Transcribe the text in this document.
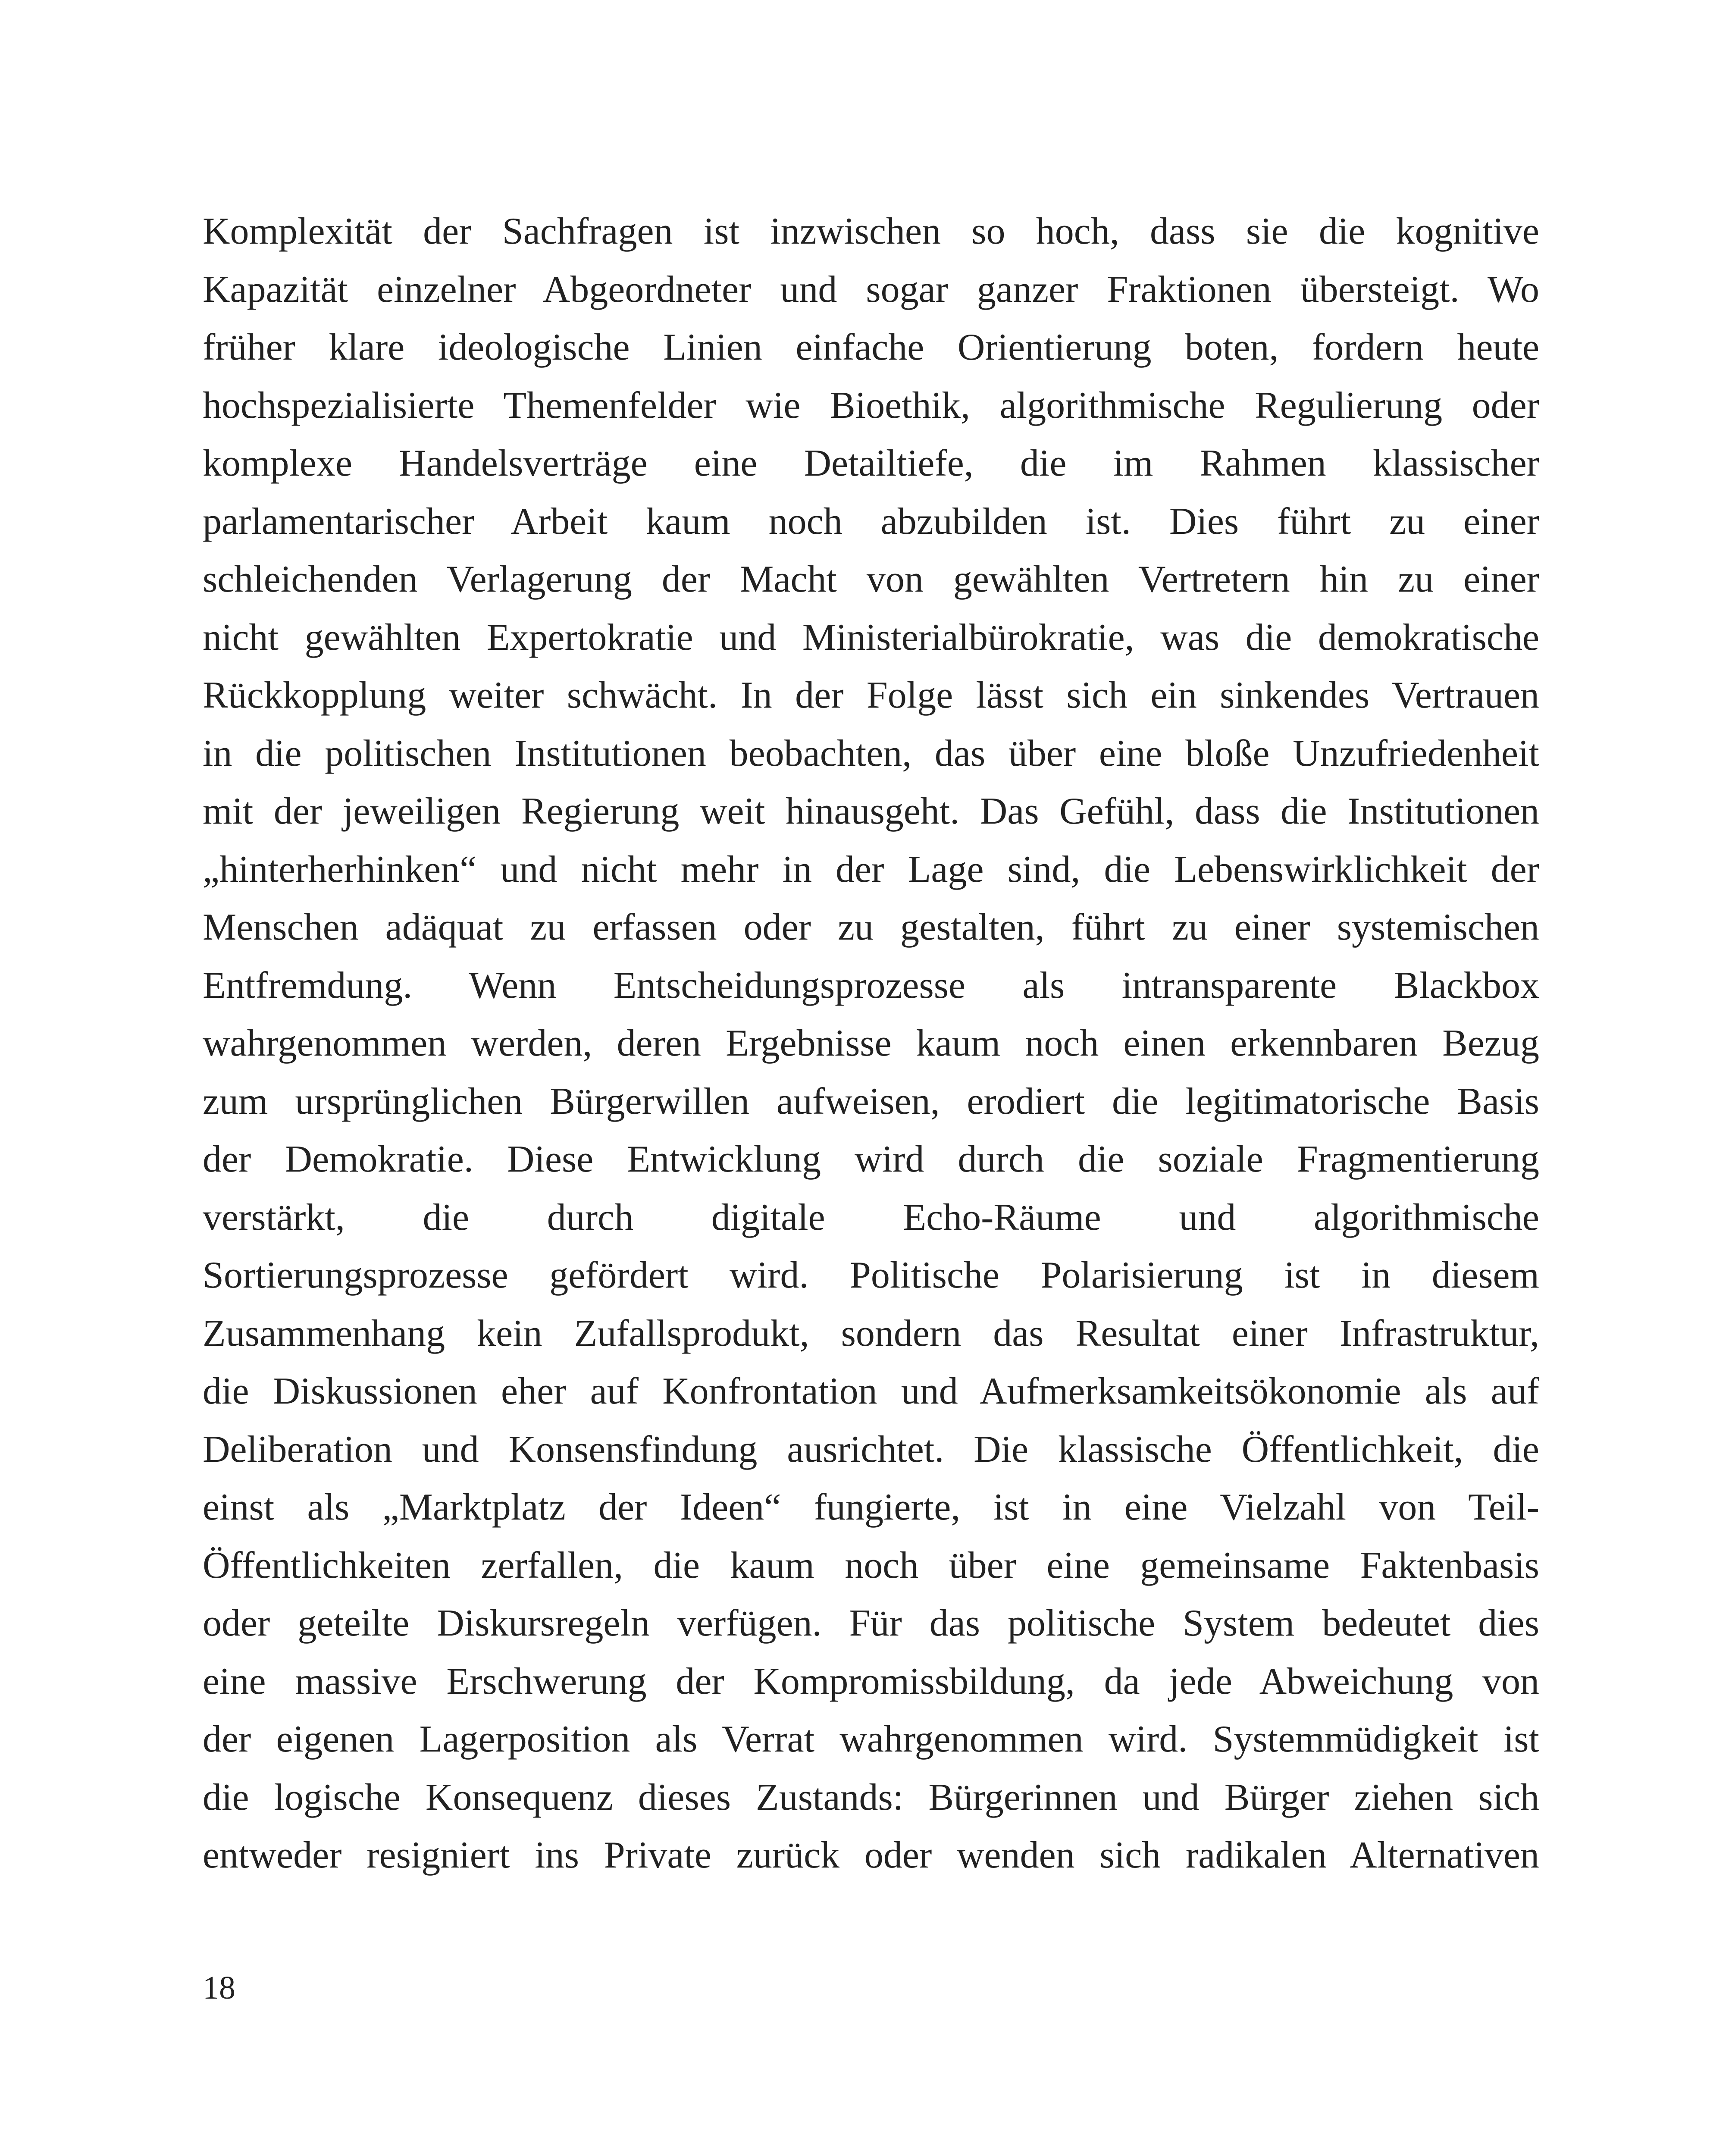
Komplexität der Sachfragen ist inzwischen so hoch, dass sie die kognitive
Kapazität einzelner Abgeordneter und sogar ganzer Fraktionen übersteigt. Wo
früher klare ideologische Linien einfache Orientierung boten, fordern heute
hochspezialisierte Themenfelder wie Bioethik, algorithmische Regulierung oder
komplexe Handelsverträge eine Detailtiefe, die im Rahmen klassischer
parlamentarischer Arbeit kaum noch abzubilden ist. Dies führt zu einer
schleichenden Verlagerung der Macht von gewählten Vertretern hin zu einer
nicht gewählten Expertokratie und Ministerialbürokratie, was die demokratische
Rückkopplung weiter schwächt. In der Folge lässt sich ein sinkendes Vertrauen
in die politischen Institutionen beobachten, das über eine bloße Unzufriedenheit
mit der jeweiligen Regierung weit hinausgeht. Das Gefühl, dass die Institutionen
„hinterherhinken“ und nicht mehr in der Lage sind, die Lebenswirklichkeit der
Menschen adäquat zu erfassen oder zu gestalten, führt zu einer systemischen
Entfremdung. Wenn Entscheidungsprozesse als intransparente Blackbox
wahrgenommen werden, deren Ergebnisse kaum noch einen erkennbaren Bezug
zum ursprünglichen Bürgerwillen aufweisen, erodiert die legitimatorische Basis
der Demokratie. Diese Entwicklung wird durch die soziale Fragmentierung
verstärkt, die durch digitale Echo-Räume und algorithmische
Sortierungsprozesse gefördert wird. Politische Polarisierung ist in diesem
Zusammenhang kein Zufallsprodukt, sondern das Resultat einer Infrastruktur,
die Diskussionen eher auf Konfrontation und Aufmerksamkeitsökonomie als auf
Deliberation und Konsensfindung ausrichtet. Die klassische Öffentlichkeit, die
einst als „Marktplatz der Ideen“ fungierte, ist in eine Vielzahl von Teil-
Öffentlichkeiten zerfallen, die kaum noch über eine gemeinsame Faktenbasis
oder geteilte Diskursregeln verfügen. Für das politische System bedeutet dies
eine massive Erschwerung der Kompromissbildung, da jede Abweichung von
der eigenen Lagerposition als Verrat wahrgenommen wird. Systemmüdigkeit ist
die logische Konsequenz dieses Zustands: Bürgerinnen und Bürger ziehen sich
entweder resigniert ins Private zurück oder wenden sich radikalen Alternativen
18
